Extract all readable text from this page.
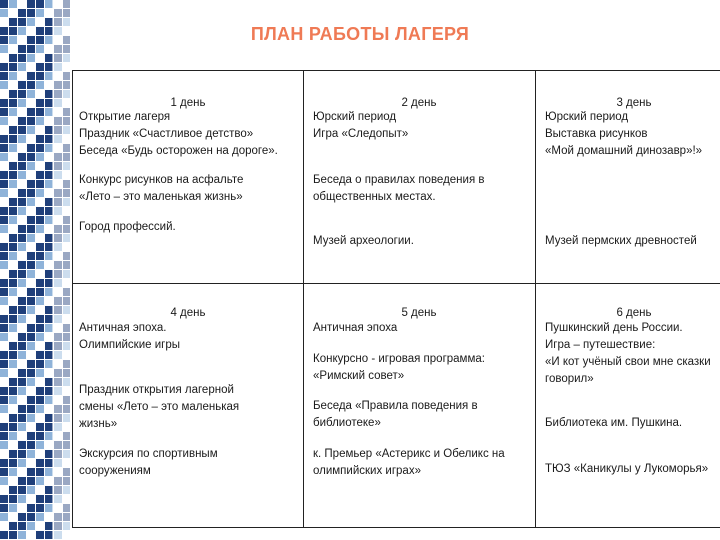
ПЛАН РАБОТЫ ЛАГЕРЯ
1 день
Открытие лагеря
Праздник «Счастливое детство»
Беседа «Будь осторожен на дороге».
Конкурс рисунков на асфальте
«Лето – это маленькая жизнь»
Город профессий.
2 день
Юрский период
Игра «Следопыт»
Беседа о правилах поведения в
общественных местах.
Музей археологии.
3 день
Юрский период
Выставка рисунков
«Мой домашний динозавр»!»
Музей пермских древностей
4 день
Античная эпоха.
Олимпийские игры
Праздник открытия лагерной смены «Лето – это маленькая жизнь»
Экскурсия по спортивным сооружениям
5 день
Античная эпоха
Конкурсно - игровая программа:
«Римский совет»
Беседа «Правила поведения в библиотеке»
к. Премьер «Астерикс и Обеликс на олимпийских играх»
6 день
Пушкинский день России.
Игра – путешествие:
«И кот учёный свои мне сказки
говорил»
Библиотека им. Пушкина.
ТЮЗ «Каникулы у Лукоморья»
